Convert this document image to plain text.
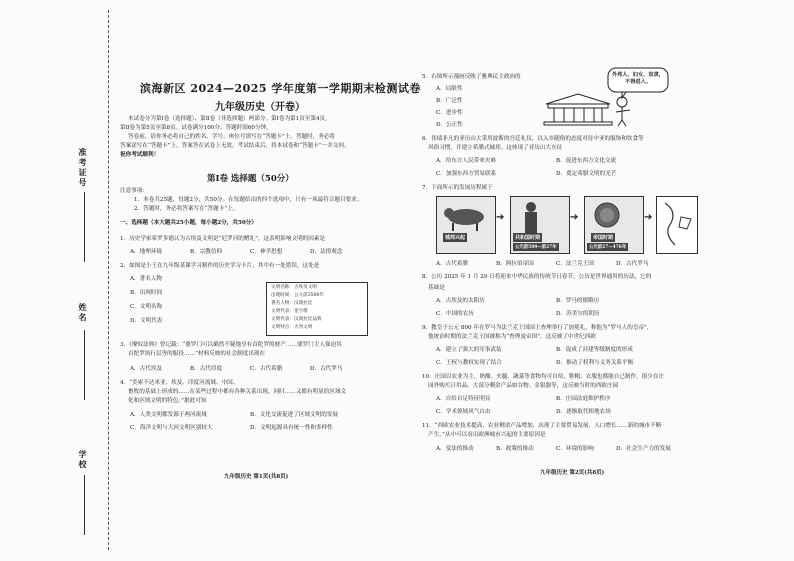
准考证号
姓名
学校
滨海新区 2024—2025 学年度第一学期期末检测试卷
九年级历史（开卷）
本试卷分为第Ⅰ卷（选择题）、第Ⅱ卷（非选择题）两部分。第Ⅰ卷为第1页至第4页,
第Ⅱ卷为第5页至第8页。试卷满分100分。答题时间60分钟。
答卷前，请你务必将自己的姓名、学号、座位号填写在“答题卡”上。答题时，务必将
答案涂写在“答题卡”上，答案答在试卷上无效。考试结束后，将本试卷和“答题卡”一并交回。
祝你考试顺利！
第Ⅰ卷 选择题（50分）
注意事项：
1．本卷共25题，每题2分，共50分。在每题给出的四个选项中，只有一项最符合题目要求。
2．答题时，务必将答案写在“答题卡”上。
一、选择题（本大题共25小题，每小题2分，共50分）
1．历史学家希罗多德认为古埃及文明是“尼罗河的赠礼”，这表明影响文明的因素是
A．地理环境	B．宗教信仰	C．神学思想	D．法律观念
2．如图是小王在九年级某课学习制作的历史学习卡片，其中有一处错误，这处是
A．著名人物
B．出现时间
C．文明名称
D．文明代表
文明名称：古埃及文明
出现时间：公元前3500年
著名人物：汉谟拉比
文明代表：金字塔
文明代表：汉谟拉比法典
文明特点：大河文明
3．《摩奴法典》曾记载：“婆罗门可以确然不疑地享有首陀罗的财产……婆罗门主人强迫其
首陀罗执行层等的服役……”材料反映的社会制度出现在
A．古代埃及	B．古代印度	C．古代希腊	D．古代罗马
4．“美索不达米亚、埃及、印度河流域、中国、
畜牧的基础上形成的……在某些过程中都有各种关系出现，同时……又都有明显的区域文
化和区域文明的特色。”据此可知
A．人类文明都发源于两河流域	B．文化交流促进了区域文明的发展
C．海洋文明与大河文明区别较大	D．文明起源具有统一性和多样性
九年级历史 第1页(共8页)
5．右图所示漫画反映了雅典民主政治的
A．局限性
B．广泛性
C．进步性
D．公正性
外邦人、妇女、奴隶，不得进入。
6．伟绩非凡的亚历山大采用波斯的宫廷礼仪，以入乡随俗的态度对待中亚的服饰和饮食等
风俗习惯，并建立希腊式城邦。这体现了亚历山大东征
A．给东方人民带来灾难	B．促进东西方文化交流
C．加强东西方贸易联系	D．奠定希腊文明的光芒
7．下面所示的发展历程属于
城邦兴起
➔
共和国时期
公元前509—前27年
➔
帝国时期
公元前27—476年
➔
A．古代希腊	B．阿拉伯帝国	C．法兰克王国	D．古代罗马
8．公历 2025 年 1 月 29 日将迎来中华民族的传统节日春节，公历是世界通用的历法，它的
基础是
A．古埃及的太阳历	B．罗马的儒略历
C．中国的农历	D．苏美尔的阴历
9．教皇于公元 800 年在罗马为法兰克王国国王查理举行了加冕礼，称他为“罗马人的皇帝”，
他统治时期的法兰克王国被称为“查理曼帝国”。这反映了中世纪西欧
A．建立了强大的军事武装	B．促成了封建等级制度的形成
C．王权与教权实现了结合	D．推动了权利与义务关系平衡
10．庄园以农业为主，奶酪、火腿、蔬菜等食物均可自给，鞋帽、衣服也都能自己制作，很少在庄
园外购买日用品。大部分剩余产品如谷物、金银器等，这反映当时的西欧庄园
A．自给自足特征明显	B．庄园法庭维护秩序
C．学术领域风气自由	D．逐渐取代租地农场
11．“西欧农业技术提高，农业剩余产品增加，出现了主要贸易发展，人口增长……新的城市不断
产生。”从中可以看出欧洲城市兴起的主要原因是
A．变法的推动	B．政策的推动	C．环境的影响	D．社会生产力的发展
九年级历史 第2页(共8页)
